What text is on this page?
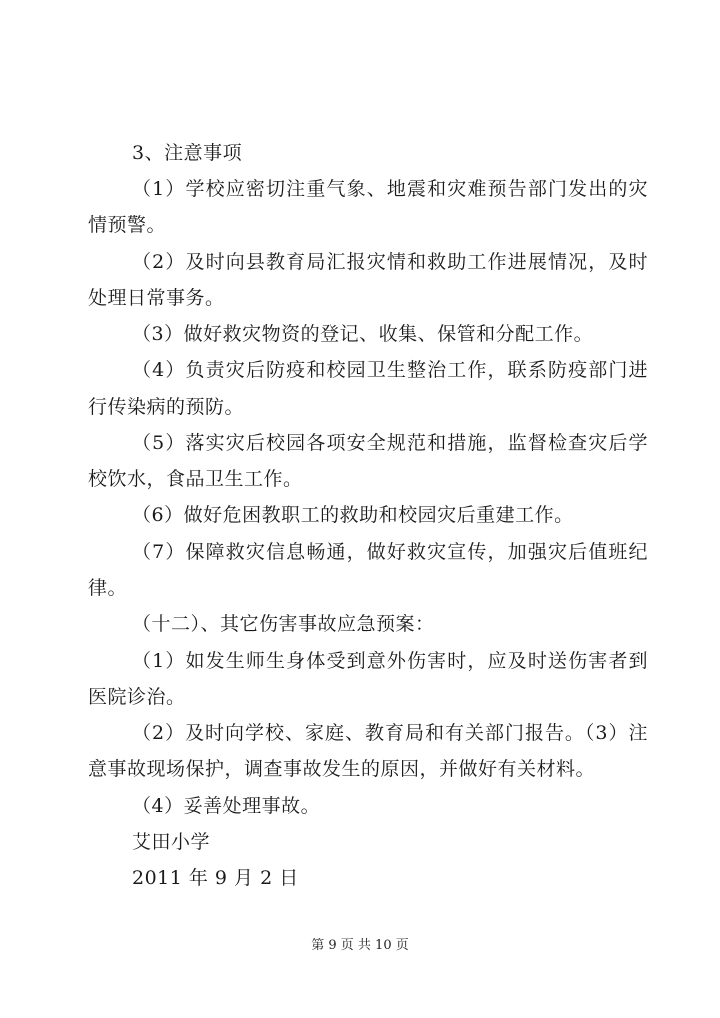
3、注意事项
（1）学校应密切注重气象、地震和灾难预告部门发出的灾
情预警。
（2）及时向县教育局汇报灾情和救助工作进展情况，及时
处理日常事务。
（3）做好救灾物资的登记、收集、保管和分配工作。
（4）负责灾后防疫和校园卫生整治工作，联系防疫部门进
行传染病的预防。
（5）落实灾后校园各项安全规范和措施，监督检查灾后学
校饮水，食品卫生工作。
（6）做好危困教职工的救助和校园灾后重建工作。
（7）保障救灾信息畅通，做好救灾宣传，加强灾后值班纪
律。
（十二）、其它伤害事故应急预案：
（1）如发生师生身体受到意外伤害时，应及时送伤害者到
医院诊治。
（2）及时向学校、家庭、教育局和有关部门报告。（3）注
意事故现场保护，调查事故发生的原因，并做好有关材料。
（4）妥善处理事故。
艾田小学
2011 年 9 月 2 日
第 9 页 共 10 页
